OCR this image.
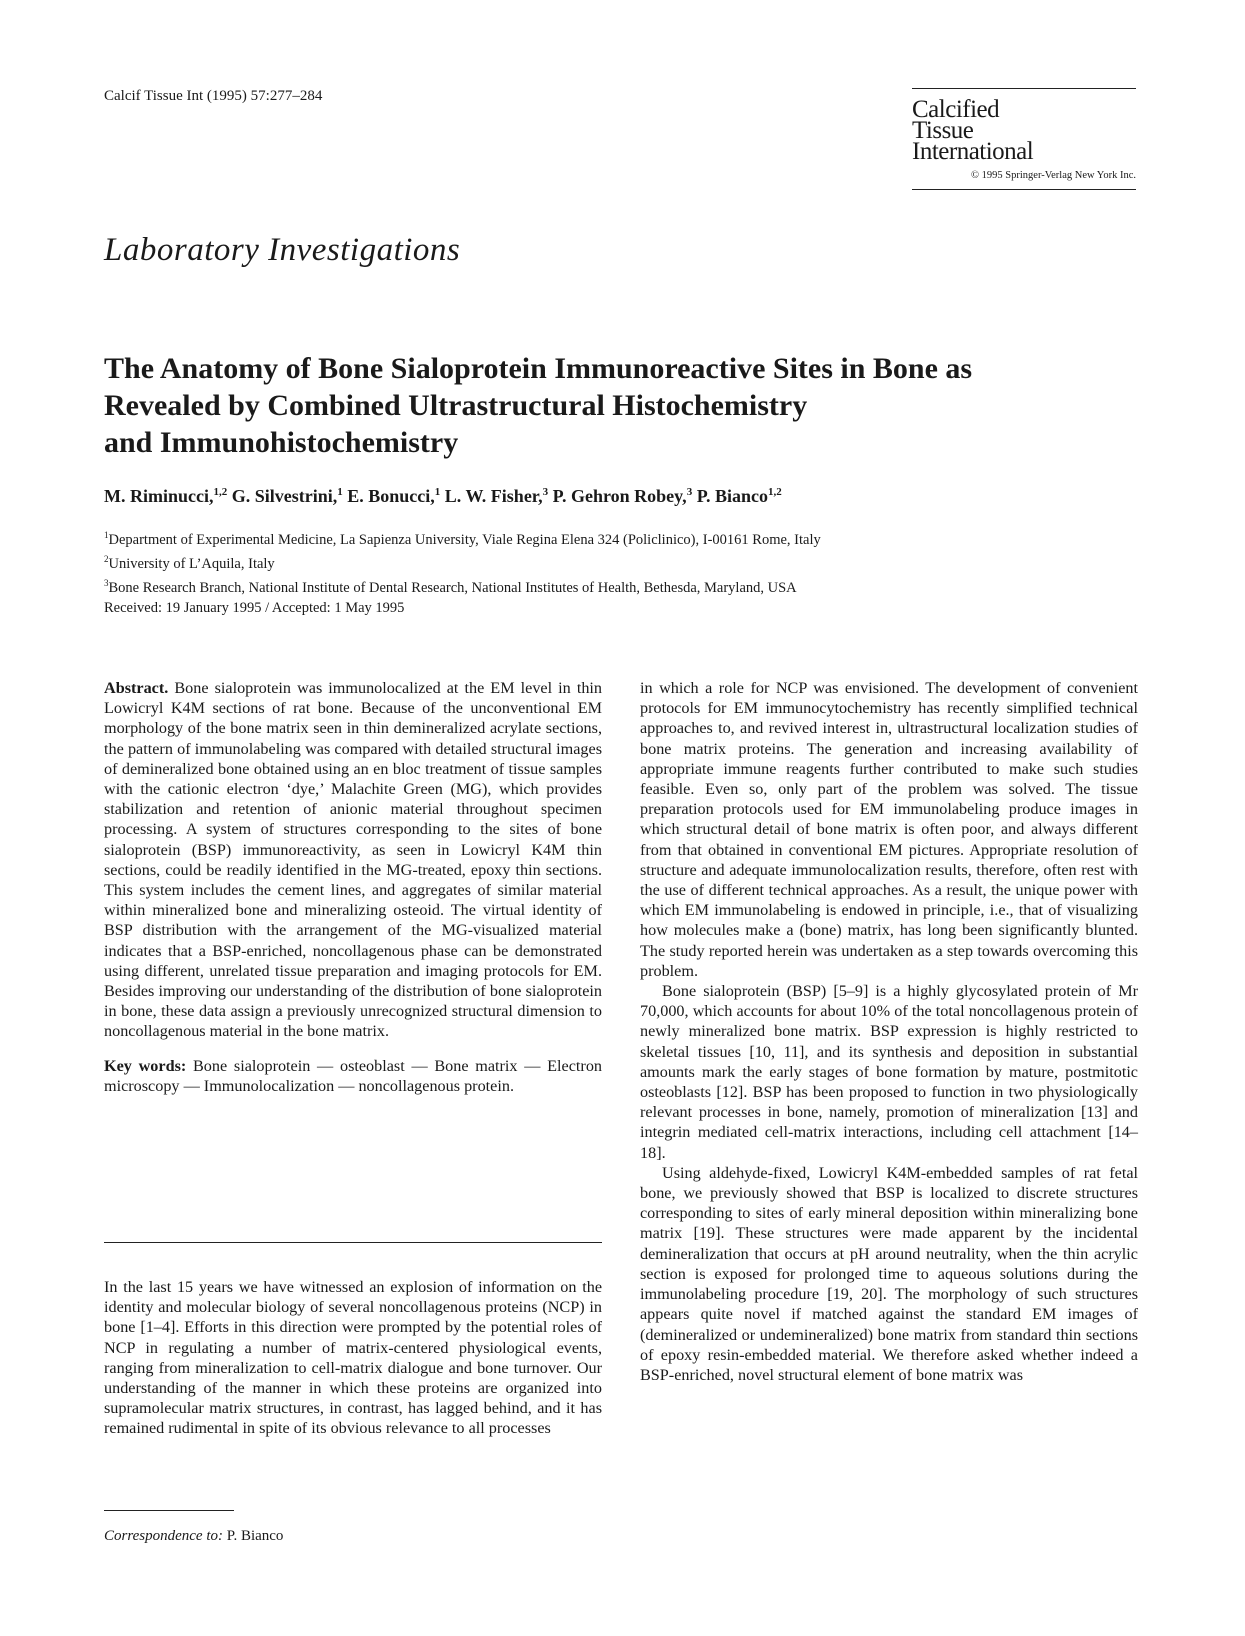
Calcif Tissue Int (1995) 57:277–284	Calcified
Tissue
International
© 1995 Springer-Verlag New York Inc.
Laboratory Investigations
The Anatomy of Bone Sialoprotein Immunoreactive Sites in Bone as
Revealed by Combined Ultrastructural Histochemistry
and Immunohistochemistry
M. Riminucci,$^{1,2}$ G. Silvestrini,$^1$ E. Bonucci,$^1$ L. W. Fisher,$^3$ P. Gehron Robey,$^3$ P. Bianco$^{1,2}$
$^1$Department of Experimental Medicine, La Sapienza University, Viale Regina Elena 324 (Policlinico), I-00161 Rome, Italy
$^2$University of L’Aquila, Italy
$^3$Bone Research Branch, National Institute of Dental Research, National Institutes of Health, Bethesda, Maryland, USA
Received: 19 January 1995 / Accepted: 1 May 1995

Abstract. Bone sialoprotein was immunolocalized at the EM level in thin Lowicryl K4M sections of rat bone. Because of the unconventional EM morphology of the bone matrix seen in thin demineralized acrylate sections, the pattern of immunolabeling was compared with detailed structural images of demineralized bone obtained using an en bloc treatment of tissue samples with the cationic electron ‘dye,’ Malachite Green (MG), which provides stabilization and retention of anionic material throughout specimen processing. A system of structures corresponding to the sites of bone sialoprotein (BSP) immunoreactivity, as seen in Lowicryl K4M thin sections, could be readily identified in the MG-treated, epoxy thin sections. This system includes the cement lines, and aggregates of similar material within mineralized bone and mineralizing osteoid. The virtual identity of BSP distribution with the arrangement of the MG-visualized material indicates that a BSP-enriched, noncollagenous phase can be demonstrated using different, unrelated tissue preparation and imaging protocols for EM. Besides improving our understanding of the distribution of bone sialoprotein in bone, these data assign a previously unrecognized structural dimension to noncollagenous material in the bone matrix.

Key words: Bone sialoprotein — osteoblast — Bone matrix — Electron microscopy — Immunolocalization — noncollagenous protein.

In the last 15 years we have witnessed an explosion of information on the identity and molecular biology of several noncollagenous proteins (NCP) in bone [1–4]. Efforts in this direction were prompted by the potential roles of NCP in regulating a number of matrix-centered physiological events, ranging from mineralization to cell-matrix dialogue and bone turnover. Our understanding of the manner in which these proteins are organized into supramolecular matrix structures, in contrast, has lagged behind, and it has remained rudimental in spite of its obvious relevance to all processes

in which a role for NCP was envisioned. The development of convenient protocols for EM immunocytochemistry has recently simplified technical approaches to, and revived interest in, ultrastructural localization studies of bone matrix proteins. The generation and increasing availability of appropriate immune reagents further contributed to make such studies feasible. Even so, only part of the problem was solved. The tissue preparation protocols used for EM immunolabeling produce images in which structural detail of bone matrix is often poor, and always different from that obtained in conventional EM pictures. Appropriate resolution of structure and adequate immunolocalization results, therefore, often rest with the use of different technical approaches. As a result, the unique power with which EM immunolabeling is endowed in principle, i.e., that of visualizing how molecules make a (bone) matrix, has long been significantly blunted. The study reported herein was undertaken as a step towards overcoming this problem.

Bone sialoprotein (BSP) [5–9] is a highly glycosylated protein of Mr 70,000, which accounts for about 10% of the total noncollagenous protein of newly mineralized bone matrix. BSP expression is highly restricted to skeletal tissues [10, 11], and its synthesis and deposition in substantial amounts mark the early stages of bone formation by mature, postmitotic osteoblasts [12]. BSP has been proposed to function in two physiologically relevant processes in bone, namely, promotion of mineralization [13] and integrin mediated cell-matrix interactions, including cell attachment [14–18].

Using aldehyde-fixed, Lowicryl K4M-embedded samples of rat fetal bone, we previously showed that BSP is localized to discrete structures corresponding to sites of early mineral deposition within mineralizing bone matrix [19]. These structures were made apparent by the incidental demineralization that occurs at pH around neutrality, when the thin acrylic section is exposed for prolonged time to aqueous solutions during the immunolabeling procedure [19, 20]. The morphology of such structures appears quite novel if matched against the standard EM images of (demineralized or undemineralized) bone matrix from standard thin sections of epoxy resin-embedded material. We therefore asked whether indeed a BSP-enriched, novel structural element of bone matrix was

Correspondence to: P. Bianco
